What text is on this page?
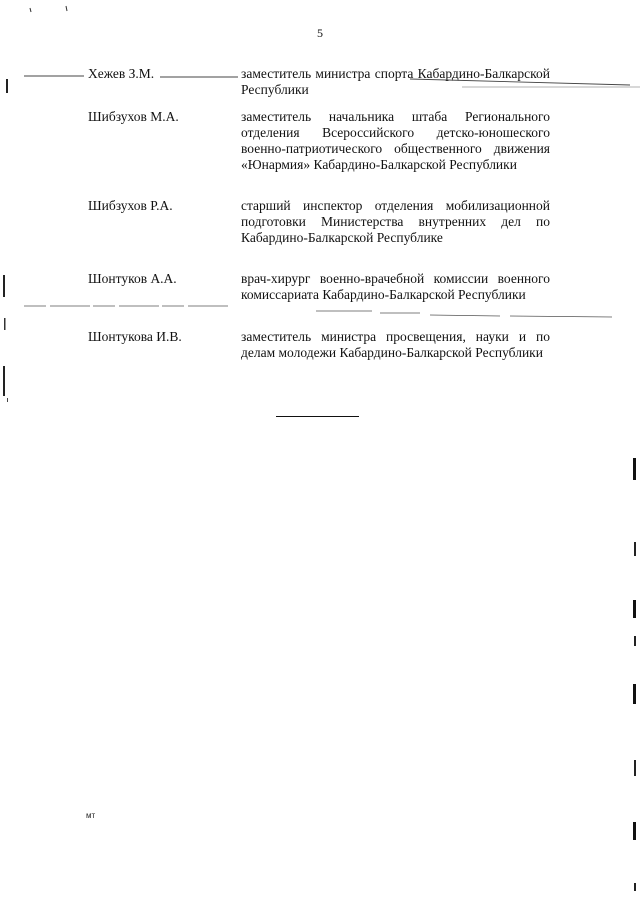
5
Хежев З.М.	заместитель министра спорта Кабардино-Балкарской Республики
Шибзухов М.А.	заместитель начальника штаба Регионального отделения Всероссийского детско-юношеского военно-патриотического общественного движения «Юнармия» Кабардино-Балкарской Республики
Шибзухов Р.А.	старший инспектор отделения мобилизационной подготовки Министерства внутренних дел по Кабардино-Балкарской Республике
Шонтуков А.А.	врач-хирург военно-врачебной комиссии военного комиссариата Кабардино-Балкарской Республики
Шонтукова И.В.	заместитель министра просвещения, науки и по делам молодежи Кабардино-Балкарской Республики
мт
